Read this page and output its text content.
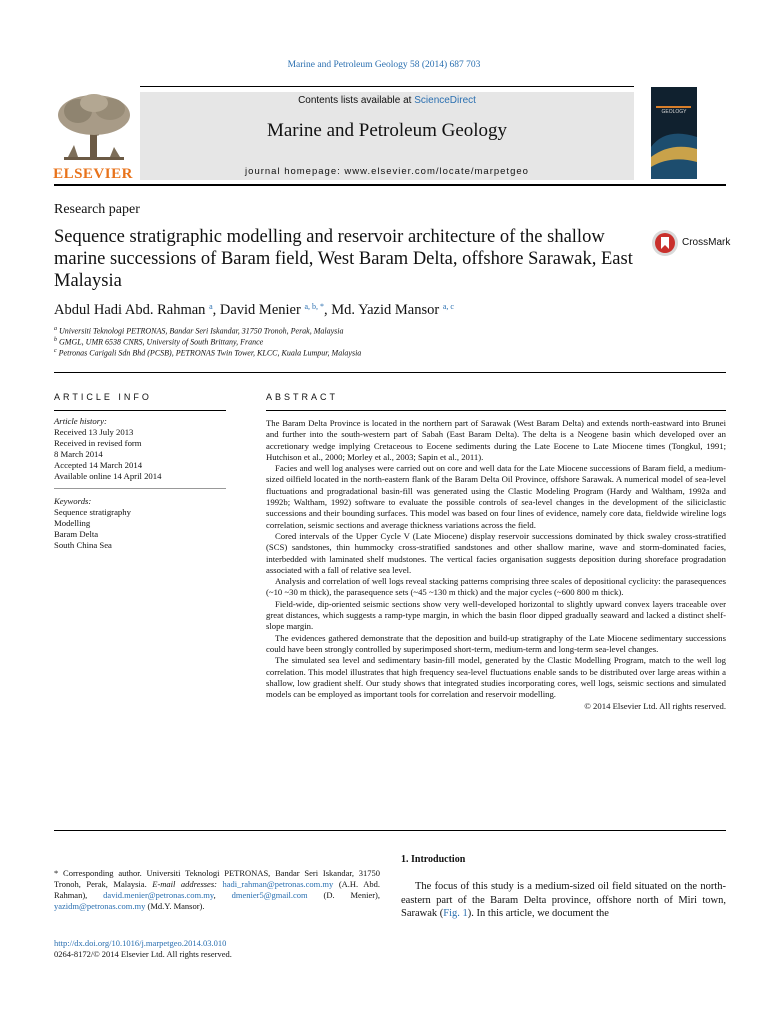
Marine and Petroleum Geology 58 (2014) 687 703
ELSEVIER
Contents lists available at ScienceDirect
Marine and Petroleum Geology
journal homepage: www.elsevier.com/locate/marpetgeo
GEOLOGY
Research paper
Sequence stratigraphic modelling and reservoir architecture of the shallow marine successions of Baram field, West Baram Delta, offshore Sarawak, East Malaysia
CrossMark
Abdul Hadi Abd. Rahman $^a$, David Menier $^{a, b, *}$, Md. Yazid Mansor $^{a, c}$
$^a$ Universiti Teknologi PETRONAS, Bandar Seri Iskandar, 31750 Tronoh, Perak, Malaysia
$^b$ GMGL, UMR 6538 CNRS, University of South Brittany, France
$^c$ Petronas Carigali Sdn Bhd (PCSB), PETRONAS Twin Tower, KLCC, Kuala Lumpur, Malaysia
ARTICLE INFO
Article history:
Received 13 July 2013
Received in revised form
8 March 2014
Accepted 14 March 2014
Available online 14 April 2014
Keywords:
Sequence stratigraphy
Modelling
Baram Delta
South China Sea
ABSTRACT

The Baram Delta Province is located in the northern part of Sarawak (West Baram Delta) and extends north-eastward into Brunei and further into the south-western part of Sabah (East Baram Delta). The delta is a Neogene basin which developed over an accretionary wedge implying Cretaceous to Eocene sediments during the Late Eocene to Late Miocene times (Tongkul, 1991; Hutchison et al., 2000; Morley et al., 2003; Sapin et al., 2011).

Facies and well log analyses were carried out on core and well data for the Late Miocene successions of Baram field, a medium-sized oilfield located in the north-eastern flank of the Baram Delta Oil Province, offshore Sarawak. A numerical model of sea-level fluctuations and progradational basin-fill was generated using the Clastic Modeling Program (Hardy and Waltham, 1992a and 1992b; Waltham, 1992) software to evaluate the possible controls of sea-level changes in the development of the siliciclastic successions and their bounding surfaces. This model was based on four lines of evidence, namely core data, fieldwide wireline logs correlation, seismic sections and average thickness variations across the field.

Cored intervals of the Upper Cycle V (Late Miocene) display reservoir successions dominated by thick swaley cross-stratified (SCS) sandstones, thin hummocky cross-stratified sandstones and other shallow marine, wave and storm-dominated facies, interbedded with laminated shelf mudstones. The vertical facies organisation suggests deposition during shoreface progradation associated with a fall of relative sea level.

Analysis and correlation of well logs reveal stacking patterns comprising three scales of depositional cyclicity: the parasequences (~10 ~30 m thick), the parasequence sets (~45 ~130 m thick) and the major cycles (~600 800 m thick).

Field-wide, dip-oriented seismic sections show very well-developed horizontal to slightly upward convex layers traceable over great distances, which suggests a ramp-type margin, in which the basin floor dipped gradually seaward and lacked a distinct shelf-slope margin.

The evidences gathered demonstrate that the deposition and build-up stratigraphy of the Late Miocene sedimentary successions could have been strongly controlled by superimposed short-term, medium-term and long-term sea-level changes.

The simulated sea level and sedimentary basin-fill model, generated by the Clastic Modelling Program, match to the well log correlation. This model illustrates that high frequency sea-level fluctuations enable sands to be distributed over large areas within a shallow, low gradient shelf. Our study shows that integrated studies incorporating cores, well logs, seismic sections and simulated models can be employed as important tools for correlation and reservoir modelling.

© 2014 Elsevier Ltd. All rights reserved.
* Corresponding author. Universiti Teknologi PETRONAS, Bandar Seri Iskandar, 31750 Tronoh, Perak, Malaysia. E-mail addresses: hadi_rahman@petronas.com.my (A.H. Abd. Rahman), david.menier@petronas.com.my, dmenier5@gmail.com (D. Menier), yazidm@petronas.com.my (Md.Y. Mansor).
http://dx.doi.org/10.1016/j.marpetgeo.2014.03.010
0264-8172/© 2014 Elsevier Ltd. All rights reserved.
1. Introduction
The focus of this study is a medium-sized oil field situated on the north-eastern part of the Baram Delta province, offshore north of Miri town, Sarawak (Fig. 1). In this article, we document the
